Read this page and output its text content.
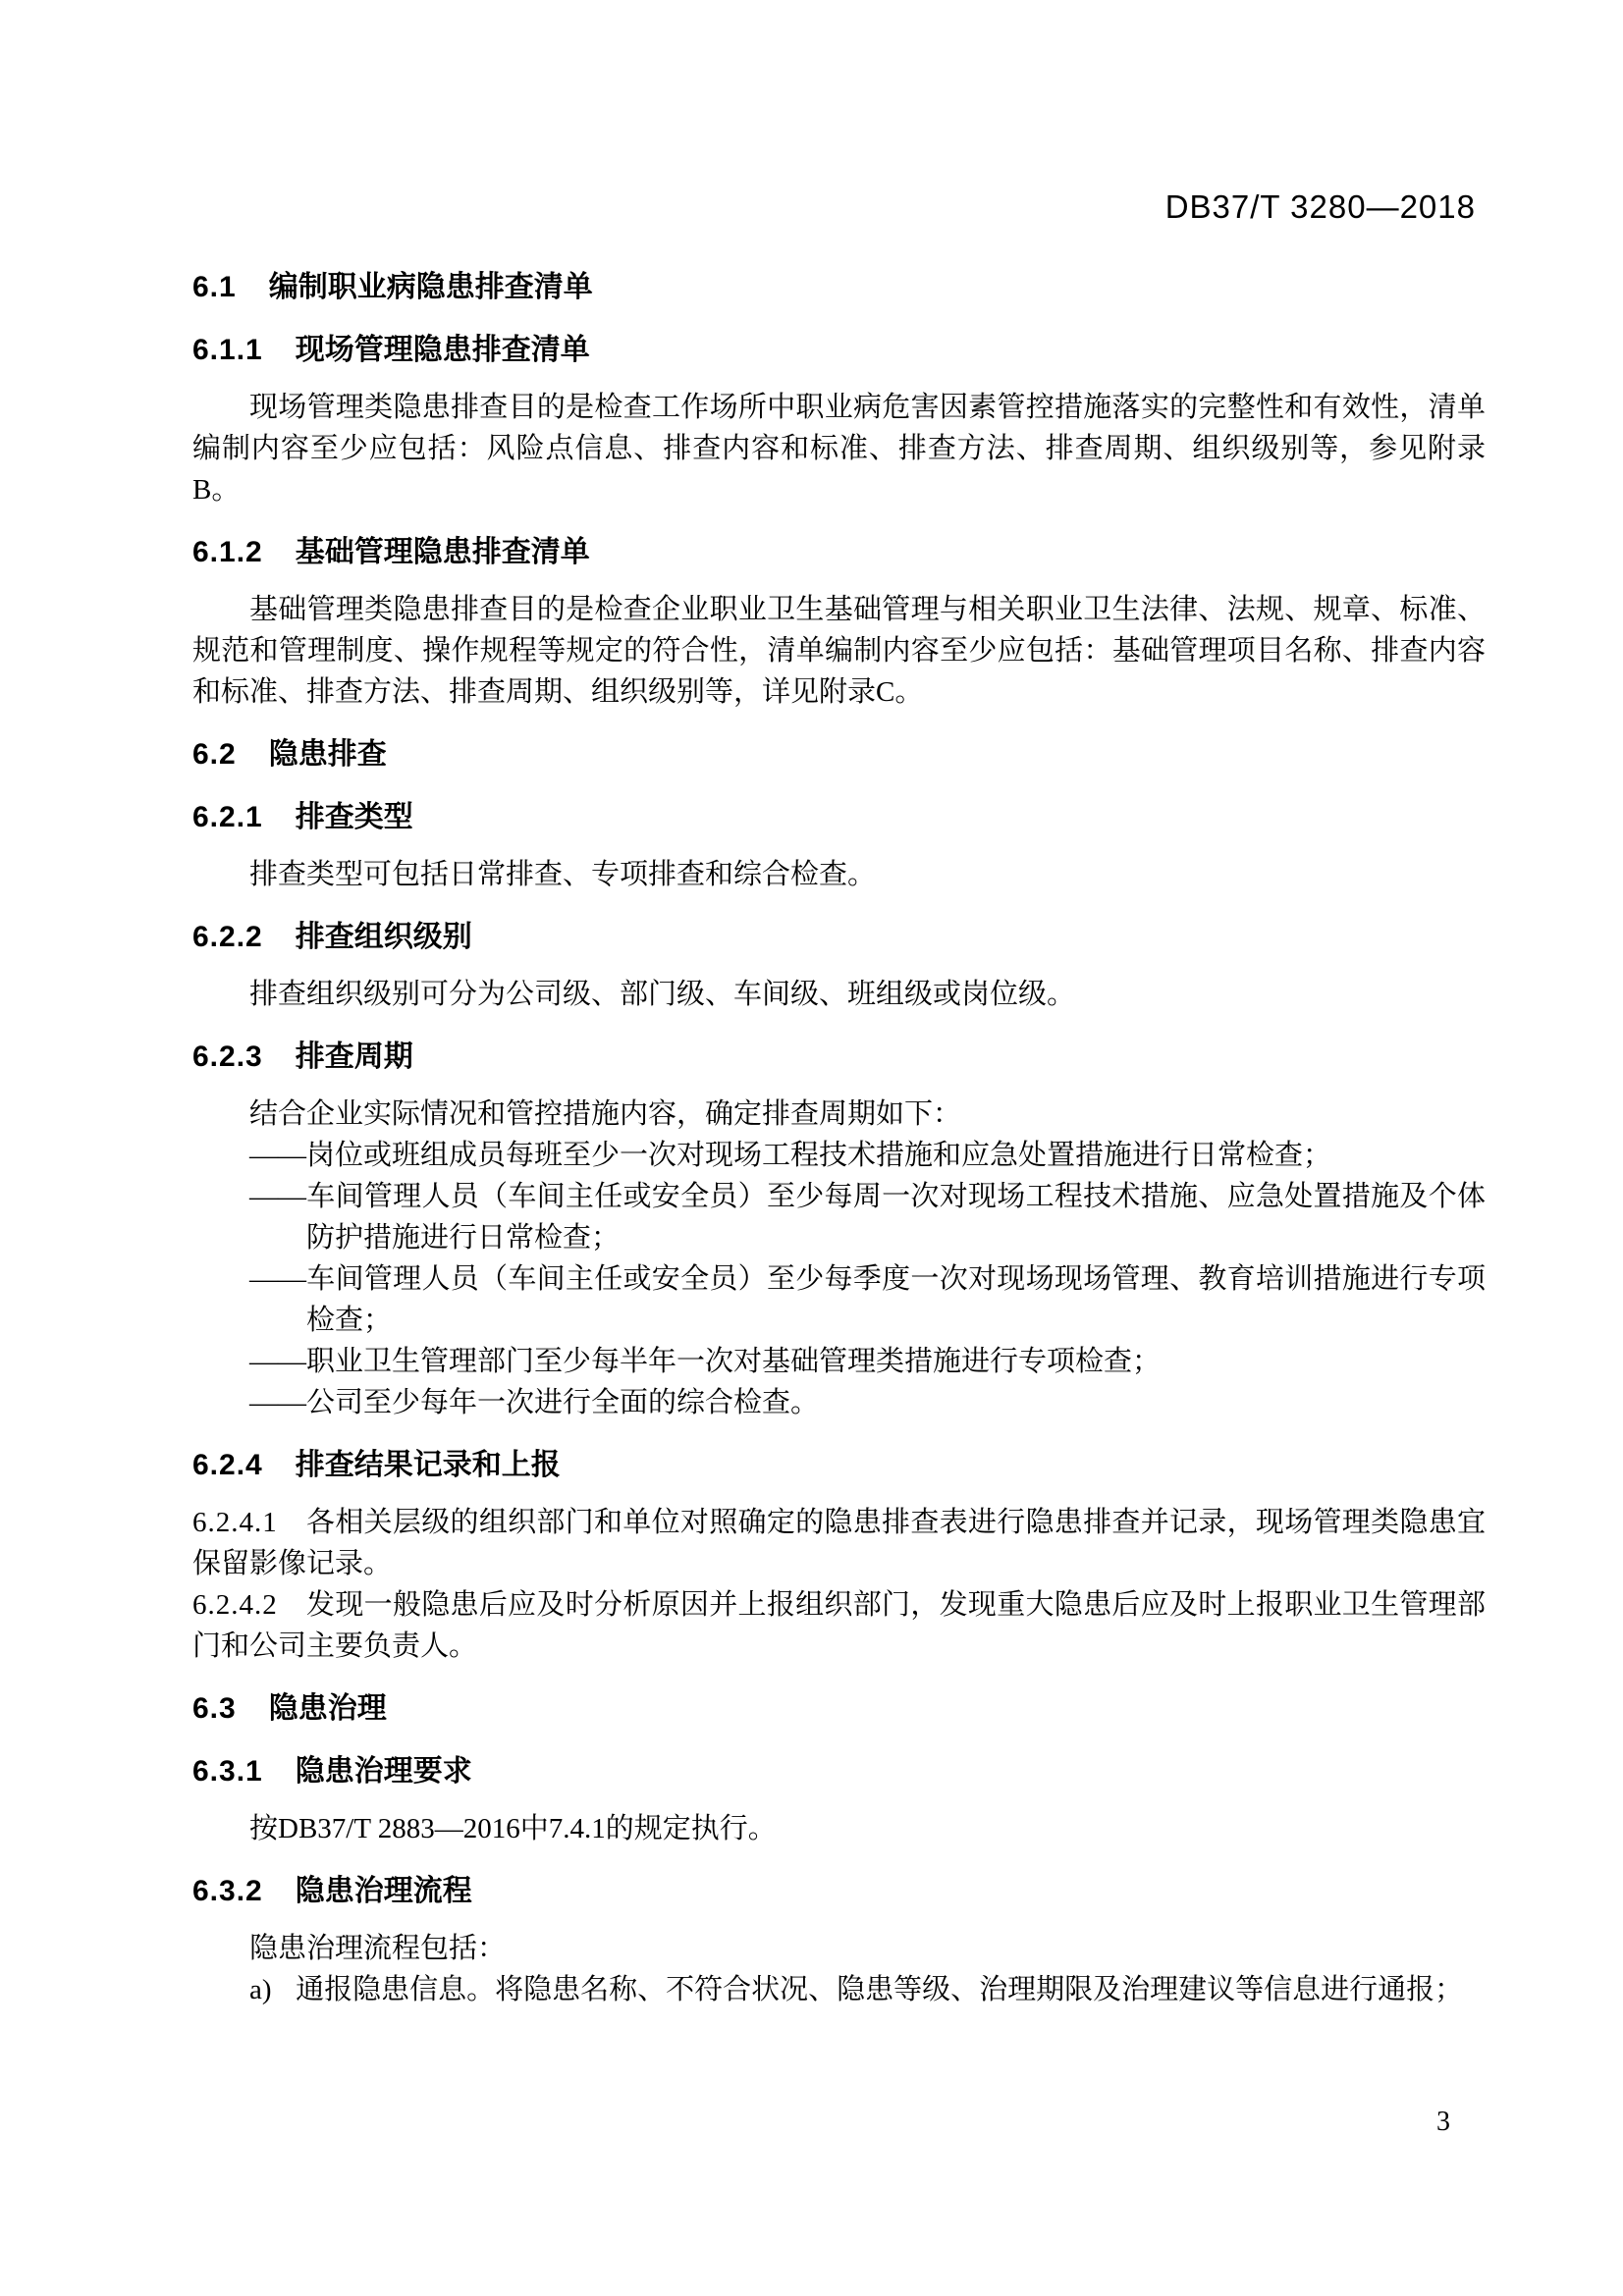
DB37/T 3280—2018
6.1 编制职业病隐患排查清单
6.1.1 现场管理隐患排查清单

现场管理类隐患排查目的是检查工作场所中职业病危害因素管控措施落实的完整性和有效性，清单编制内容至少应包括：风险点信息、排查内容和标准、排查方法、排查周期、组织级别等，参见附录B。

6.1.2 基础管理隐患排查清单

基础管理类隐患排查目的是检查企业职业卫生基础管理与相关职业卫生法律、法规、规章、标准、规范和管理制度、操作规程等规定的符合性，清单编制内容至少应包括：基础管理项目名称、排查内容和标准、排查方法、排查周期、组织级别等，详见附录C。

6.2 隐患排查
6.2.1 排查类型

排查类型可包括日常排查、专项排查和综合检查。

6.2.2 排查组织级别

排查组织级别可分为公司级、部门级、车间级、班组级或岗位级。

6.2.3 排查周期

结合企业实际情况和管控措施内容，确定排查周期如下：

——岗位或班组成员每班至少一次对现场工程技术措施和应急处置措施进行日常检查；

——车间管理人员（车间主任或安全员）至少每周一次对现场工程技术措施、应急处置措施及个体防护措施进行日常检查；

——车间管理人员（车间主任或安全员）至少每季度一次对现场现场管理、教育培训措施进行专项检查；

——职业卫生管理部门至少每半年一次对基础管理类措施进行专项检查；

——公司至少每年一次进行全面的综合检查。

6.2.4 排查结果记录和上报

6.2.4.1 各相关层级的组织部门和单位对照确定的隐患排查表进行隐患排查并记录，现场管理类隐患宜保留影像记录。

6.2.4.2 发现一般隐患后应及时分析原因并上报组织部门，发现重大隐患后应及时上报职业卫生管理部门和公司主要负责人。

6.3 隐患治理
6.3.1 隐患治理要求

按DB37/T 2883—2016中7.4.1的规定执行。

6.3.2 隐患治理流程

隐患治理流程包括：

a) 通报隐患信息。将隐患名称、不符合状况、隐患等级、治理期限及治理建议等信息进行通报；

3
